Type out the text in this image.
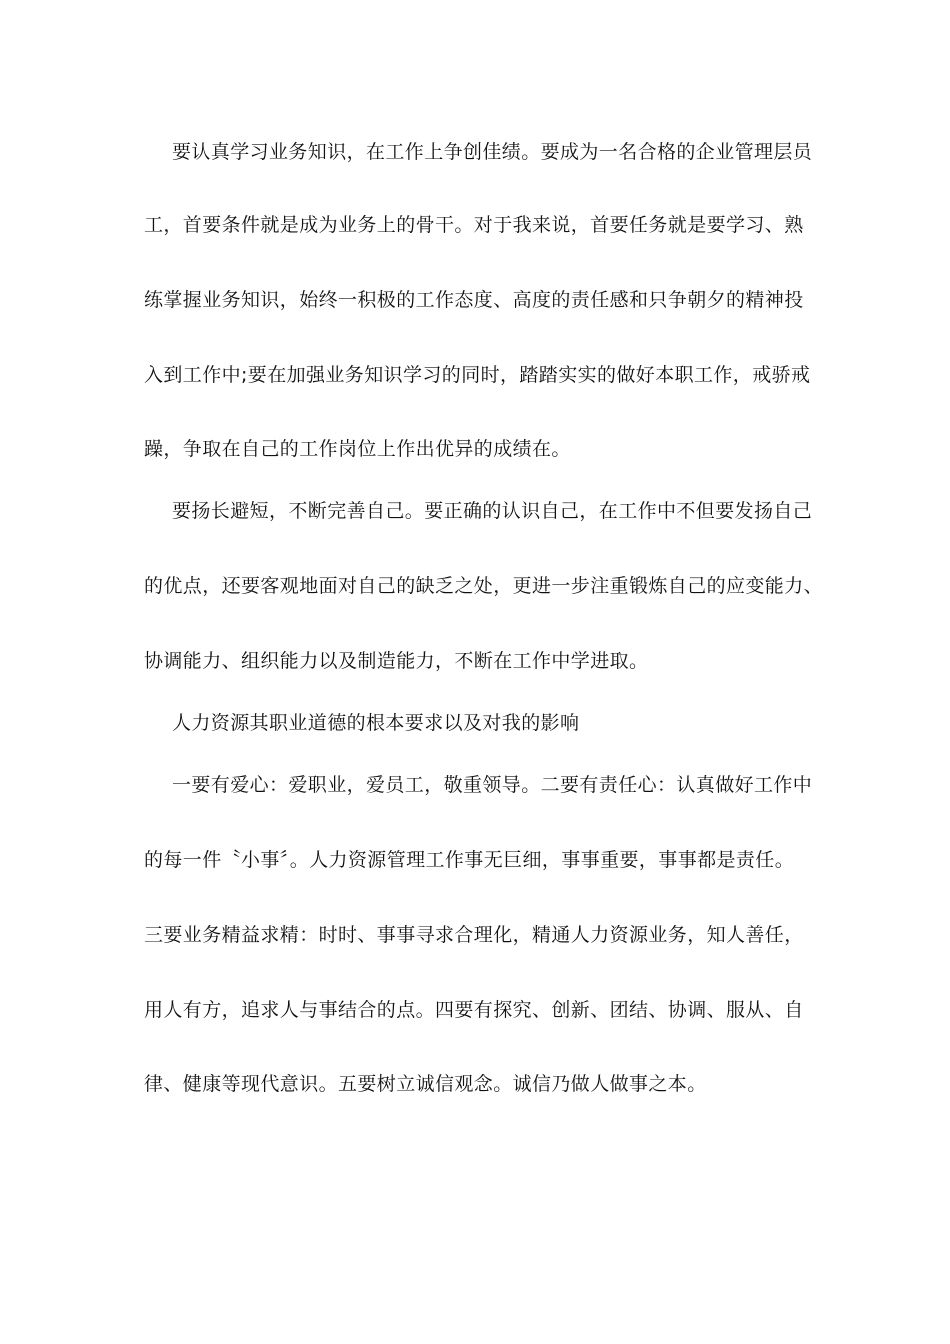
要认真学习业务知识，在工作上争创佳绩。要成为一名合格的企业管理层员
工，首要条件就是成为业务上的骨干。对于我来说，首要任务就是要学习、熟
练掌握业务知识，始终一积极的工作态度、高度的责任感和只争朝夕的精神投
入到工作中;要在加强业务知识学习的同时，踏踏实实的做好本职工作，戒骄戒
躁，争取在自己的工作岗位上作出优异的成绩在。
要扬长避短，不断完善自己。要正确的认识自己，在工作中不但要发扬自己
的优点，还要客观地面对自己的缺乏之处，更进一步注重锻炼自己的应变能力、
协调能力、组织能力以及制造能力，不断在工作中学进取。
人力资源其职业道德的根本要求以及对我的影响
一要有爱心：爱职业，爱员工，敬重领导。二要有责任心：认真做好工作中
的每一件〝小事〞。人力资源管理工作事无巨细，事事重要，事事都是责任。
三要业务精益求精：时时、事事寻求合理化，精通人力资源业务，知人善任，
用人有方，追求人与事结合的点。四要有探究、创新、团结、协调、服从、自
律、健康等现代意识。五要树立诚信观念。诚信乃做人做事之本。
